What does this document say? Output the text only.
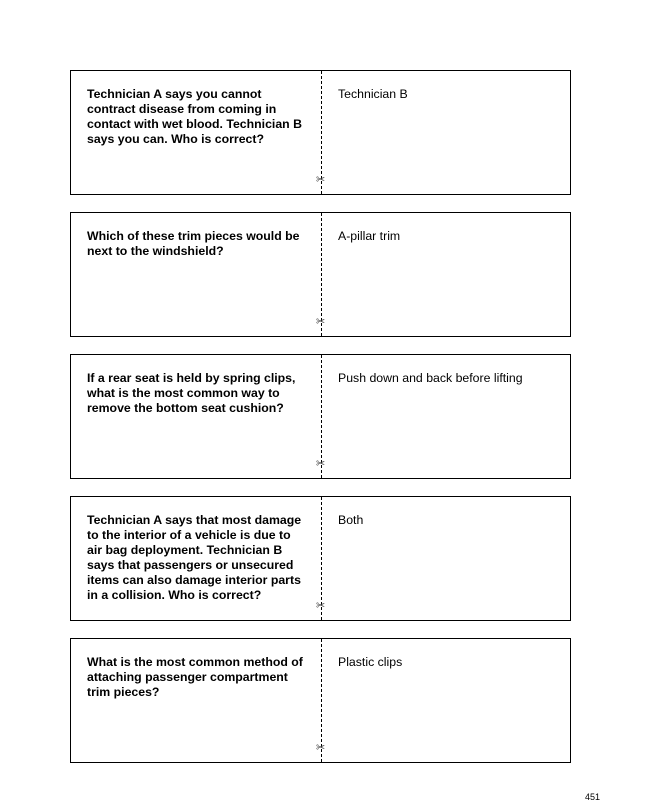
Technician A says you cannot contract disease from coming in contact with wet blood. Technician B says you can. Who is correct?

✂

Technician B

Which of these trim pieces would be next to the windshield?

✂

A-pillar trim

If a rear seat is held by spring clips, what is the most common way to remove the bottom seat cushion?

✂

Push down and back before lifting

Technician A says that most damage to the interior of a vehicle is due to air bag deployment. Technician B says that passengers or unsecured items can also damage interior parts in a collision. Who is correct?

✂

Both

What is the most common method of attaching passenger compartment trim pieces?

✂

Plastic clips

451
